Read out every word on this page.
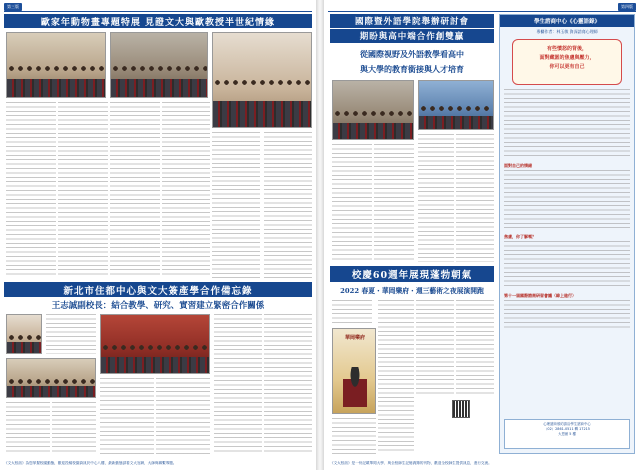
第三版
歐家年動物畫專題特展 見證文大與歐教授半世紀情緣
新北市住都中心與文大簽產學合作備忘錄
王志誠副校長：結合教學、研究、實習建立緊密合作關係
《文大校訊》為您掌握校園動態，歡迎投稿校園資訊於中心八樓，最新動態請看文大官網，大師與聯繫專題。
第四版
國際暨外語學院舉辦研討會
期盼與高中端合作創雙贏
從國際視野及外語教學看高中
與大學的教育銜接與人才培育
校慶60週年展現蓬勃朝氣
2022 春夏・華岡樂府・週三藝術之夜展演開跑
華岡樂府
學生諮商中心《心靈語錄》
專欄作者：林玉敏 資深諮商心理師
有些憤怒的背後，
面對藏匿的焦慮與壓力，
你可以更有自己
面對自己的情緒
焦慮，你了解嗎？
第十一屆國際諮商研習會議（線上進行）
心理諮商預約請洽學生諮商中心
（02）2861-0511 轉 17215
大恩館 5 樓
《文大校訊》是一份記載華岡大學、與全校師生記憶渦錄的刊物，歡迎全校師生提供訊息，進行交流。
